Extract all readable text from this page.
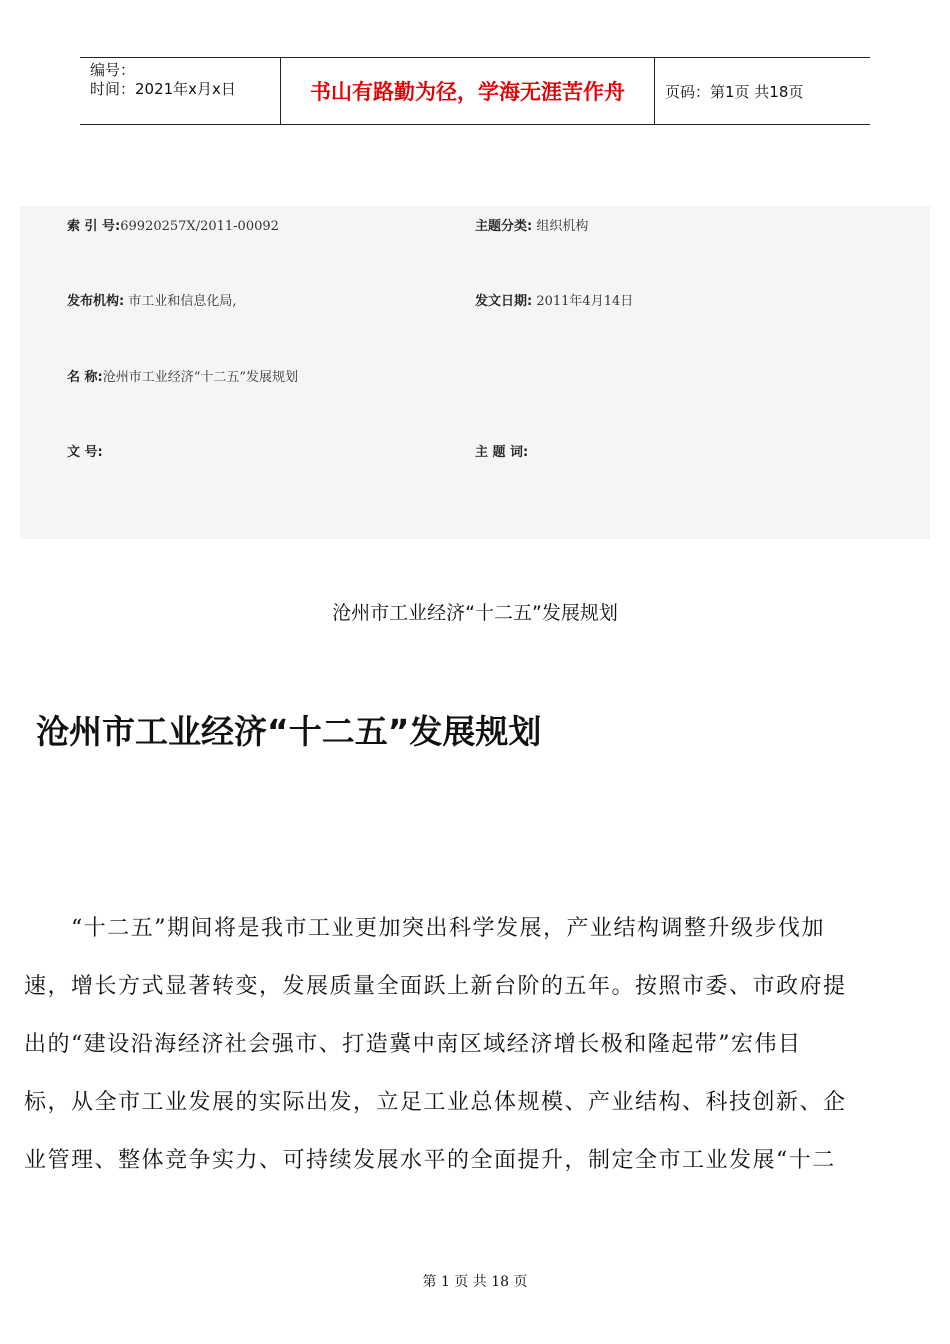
编号：
时间：2021年x月x日	书山有路勤为径，学海无涯苦作舟	页码：第1页 共18页
索 引 号:69920257X/2011-00092	主题分类: 组织机构
发布机构: 市工业和信息化局,	发文日期: 2011年4月14日
名 称:沧州市工业经济“十二五”发展规划
文 号:	主 题 词:
沧州市工业经济“十二五”发展规划
沧州市工业经济“十二五”发展规划
　　“十二五”期间将是我市工业更加突出科学发展，产业结构调整升级步伐加
速，增长方式显著转变，发展质量全面跃上新台阶的五年。按照市委、市政府提
出的“建设沿海经济社会强市、打造冀中南区域经济增长极和隆起带”宏伟目
标，从全市工业发展的实际出发，立足工业总体规模、产业结构、科技创新、企
业管理、整体竞争实力、可持续发展水平的全面提升，制定全市工业发展“十二
第 1 页 共 18 页
